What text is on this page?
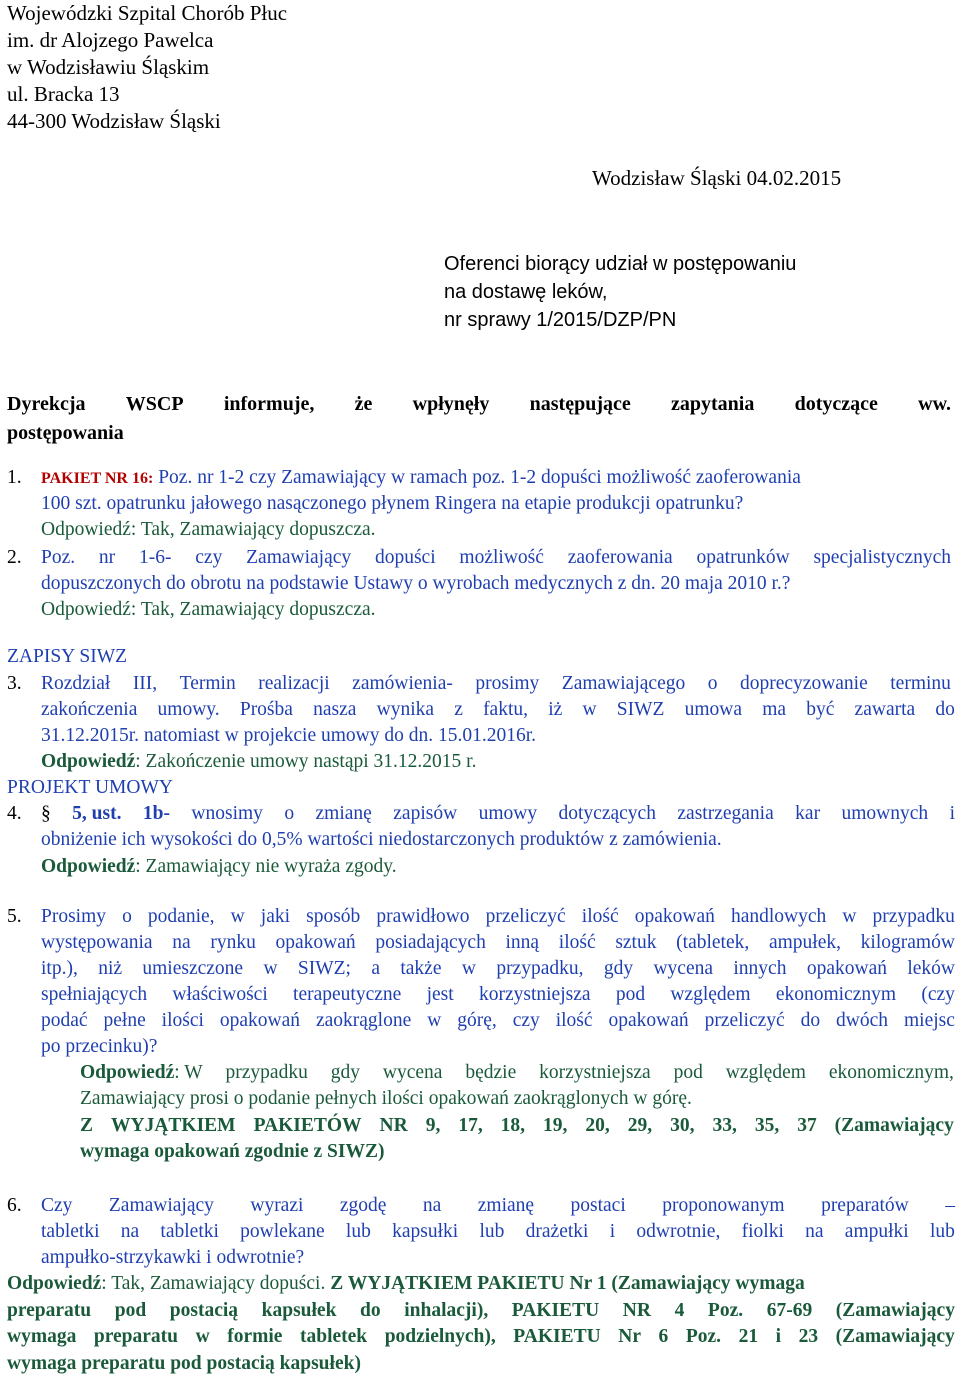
Wojewódzki Szpital Chorób Płuc
im. dr Alojzego Pawelca
w Wodzisławiu Śląskim
ul. Bracka 13
44-300 Wodzisław Śląski
Wodzisław Śląski 04.02.2015
Oferenci biorący udział w postępowaniu
na dostawę leków,
nr sprawy 1/2015/DZP/PN
Dyrekcja WSCP informuje, że wpłynęły następujące zapytania dotyczące ww.
postępowania
1. PAKIET NR 16: Poz. nr 1-2 czy Zamawiający w ramach poz. 1-2 dopuści możliwość zaoferowania
100 szt. opatrunku jałowego nasączonego płynem Ringera na etapie produkcji opatrunku?
Odpowiedź: Tak, Zamawiający dopuszcza.
2. Poz. nr 1-6- czy Zamawiający dopuści możliwość zaoferowania opatrunków specjalistycznych
dopuszczonych do obrotu na podstawie Ustawy o wyrobach medycznych z dn. 20 maja 2010 r.?
Odpowiedź: Tak, Zamawiający dopuszcza.
ZAPISY SIWZ
3. Rozdział III, Termin realizacji zamówienia- prosimy Zamawiającego o doprecyzowanie terminu
zakończenia umowy. Prośba nasza wynika z faktu, iż w SIWZ umowa ma być zawarta do
31.12.2015r. natomiast w projekcie umowy do dn. 15.01.2016r.
Odpowiedź: Zakończenie umowy nastąpi 31.12.2015 r.
PROJEKT UMOWY
4. § 5, ust. 1b- wnosimy o zmianę zapisów umowy dotyczących zastrzegania kar umownych i
obniżenie ich wysokości do 0,5% wartości niedostarczonych produktów z zamówienia.
Odpowiedź: Zamawiający nie wyraża zgody.
5. Prosimy o podanie, w jaki sposób prawidłowo przeliczyć ilość opakowań handlowych w przypadku
występowania na rynku opakowań posiadających inną ilość sztuk (tabletek, ampułek, kilogramów
itp.), niż umieszczone w SIWZ; a także w przypadku, gdy wycena innych opakowań leków
spełniających właściwości terapeutyczne jest korzystniejsza pod względem ekonomicznym (czy
podać pełne ilości opakowań zaokrąglone w górę, czy ilość opakowań przeliczyć do dwóch miejsc
po przecinku)?
Odpowiedź: W przypadku gdy wycena będzie korzystniejsza pod względem ekonomicznym,
Zamawiający prosi o podanie pełnych ilości opakowań zaokrąglonych w górę.
Z WYJĄTKIEM PAKIETÓW NR 9, 17, 18, 19, 20, 29, 30, 33, 35, 37 (Zamawiający
wymaga opakowań zgodnie z SIWZ)
6. Czy Zamawiający wyrazi zgodę na zmianę postaci proponowanym preparatów –
tabletki na tabletki powlekane lub kapsułki lub drażetki i odwrotnie, fiolki na ampułki lub
ampułko-strzykawki i odwrotnie?
Odpowiedź: Tak, Zamawiający dopuści. Z WYJĄTKIEM PAKIETU Nr 1 (Zamawiający wymaga
preparatu pod postacią kapsułek do inhalacji), PAKIETU NR 4 Poz. 67-69 (Zamawiający
wymaga preparatu w formie tabletek podzielnych), PAKIETU Nr 6 Poz. 21 i 23 (Zamawiający
wymaga preparatu pod postacią kapsułek)
